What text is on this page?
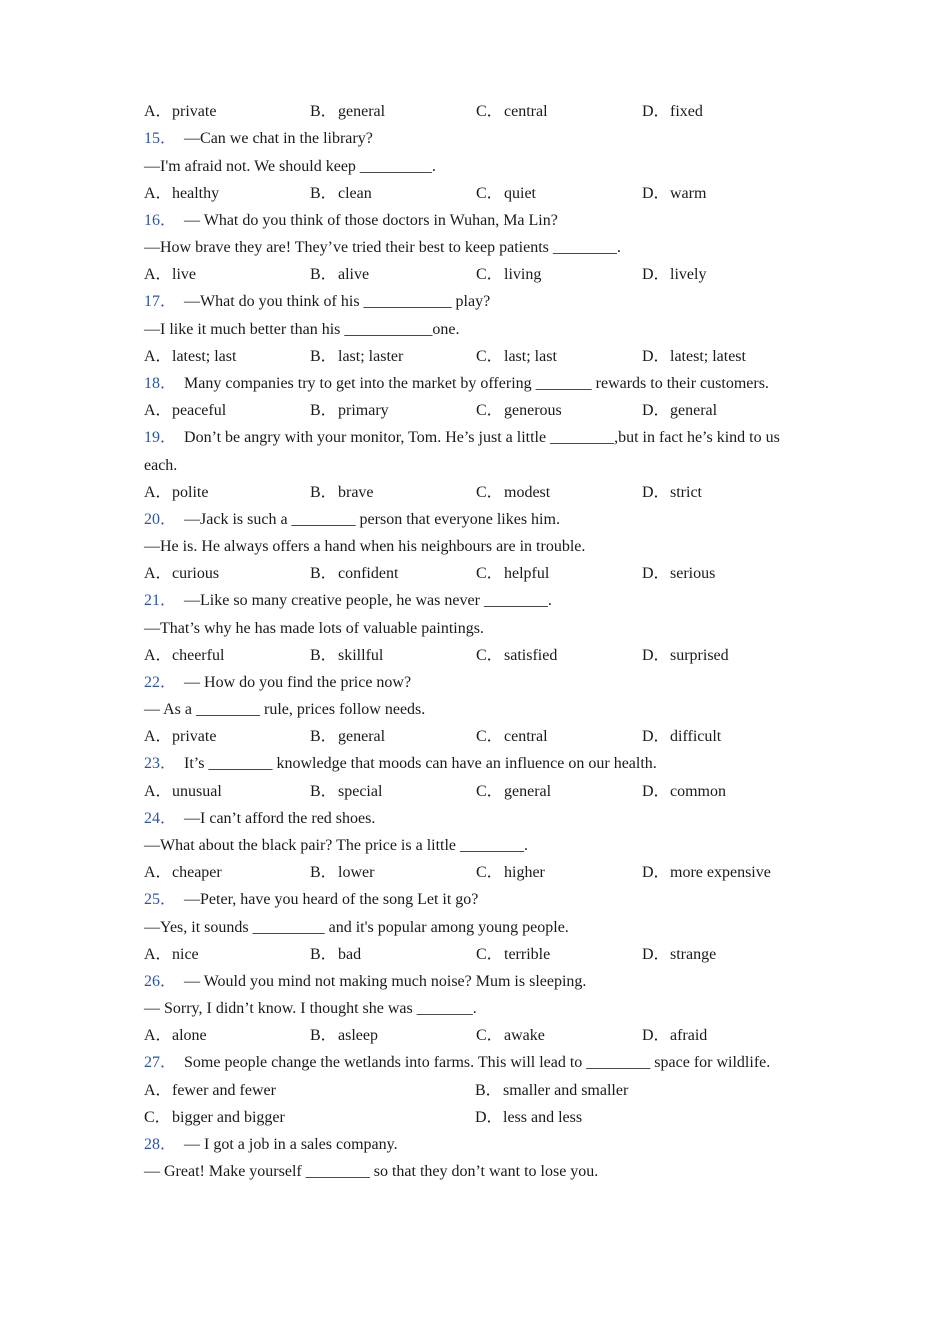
A．private	B．general	C．central	D．fixed
15．  —Can we chat in the library?
—I'm afraid not. We should keep _________.
A．healthy	B．clean	C．quiet	D．warm
16．  — What do you think of those doctors in Wuhan, Ma Lin?
—How brave they are! They’ve tried their best to keep patients ________.
A．live	B．alive	C．living	D．lively
17．  —What do you think of his ___________ play?
—I like it much better than his ___________one.
A．latest; last	B．last; laster	C．last; last	D．latest; latest
18．  Many companies try to get into the market by offering _______ rewards to their customers.
A．peaceful	B．primary	C．generous	D．general
19．  Don’t be angry with your monitor, Tom. He’s just a little ________,but in fact he’s kind to us
each.
A．polite	B．brave	C．modest	D．strict
20．  —Jack is such a ________ person that everyone likes him.
—He is. He always offers a hand when his neighbours are in trouble.
A．curious	B．confident	C．helpful	D．serious
21．  —Like so many creative people, he was never ________.
—That’s why he has made lots of valuable paintings.
A．cheerful	B．skillful	C．satisfied	D．surprised
22．  — How do you find the price now?
— As a ________ rule, prices follow needs.
A．private	B．general	C．central	D．difficult
23．  It’s ________ knowledge that moods can have an influence on our health.
A．unusual	B．special	C．general	D．common
24．  —I can’t afford the red shoes.
—What about the black pair? The price is a little ________.
A．cheaper	B．lower	C．higher	D．more expensive
25．  —Peter, have you heard of the song Let it go?
—Yes, it sounds _________ and it's popular among young people.
A．nice	B．bad	C．terrible	D．strange
26．  — Would you mind not making much noise? Mum is sleeping.
— Sorry, I didn’t know. I thought she was _______.
A．alone	B．asleep	C．awake	D．afraid
27．  Some people change the wetlands into farms. This will lead to ________ space for wildlife.
A．fewer and fewer	B．smaller and smaller
C．bigger and bigger	D．less and less
28．  — I got a job in a sales company.
— Great! Make yourself ________ so that they don’t want to lose you.
